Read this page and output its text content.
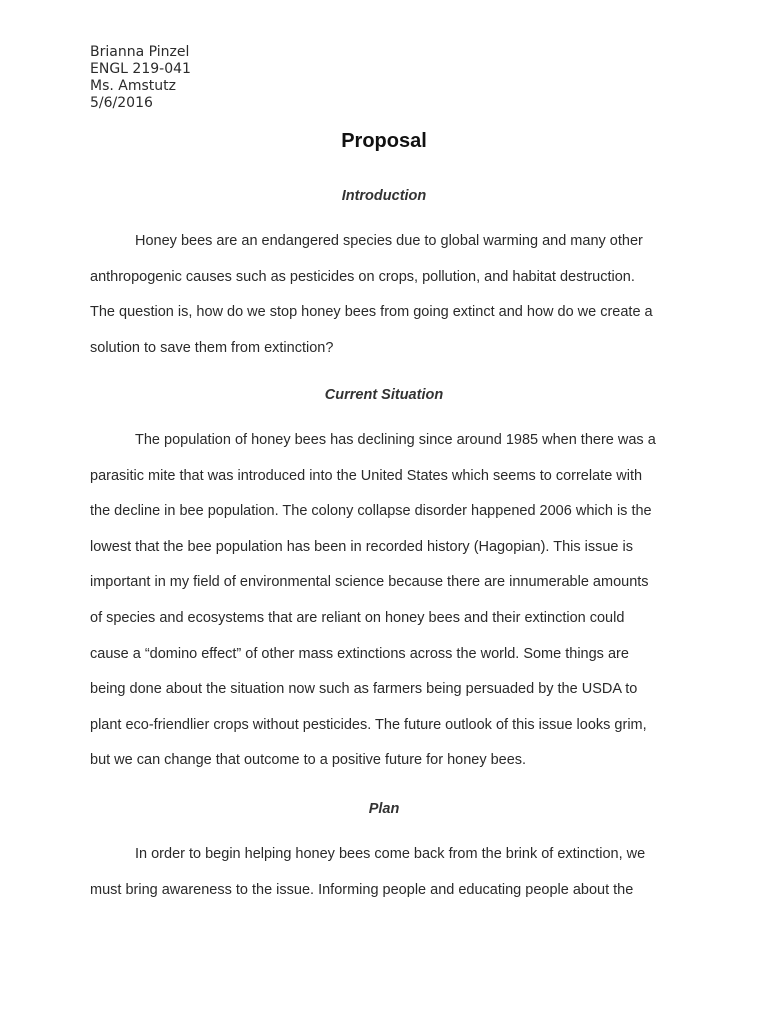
Brianna Pinzel
ENGL 219-041
Ms. Amstutz
5/6/2016
Proposal
Introduction

Honey bees are an endangered species due to global warming and many other
anthropogenic causes such as pesticides on crops, pollution, and habitat destruction.
The question is, how do we stop honey bees from going extinct and how do we create a
solution to save them from extinction?

Current Situation

The population of honey bees has declining since around 1985 when there was a
parasitic mite that was introduced into the United States which seems to correlate with
the decline in bee population. The colony collapse disorder happened 2006 which is the
lowest that the bee population has been in recorded history (Hagopian). This issue is
important in my field of environmental science because there are innumerable amounts
of species and ecosystems that are reliant on honey bees and their extinction could
cause a “domino effect” of other mass extinctions across the world. Some things are
being done about the situation now such as farmers being persuaded by the USDA to
plant eco-friendlier crops without pesticides. The future outlook of this issue looks grim,
but we can change that outcome to a positive future for honey bees.

Plan

In order to begin helping honey bees come back from the brink of extinction, we
must bring awareness to the issue. Informing people and educating people about the
